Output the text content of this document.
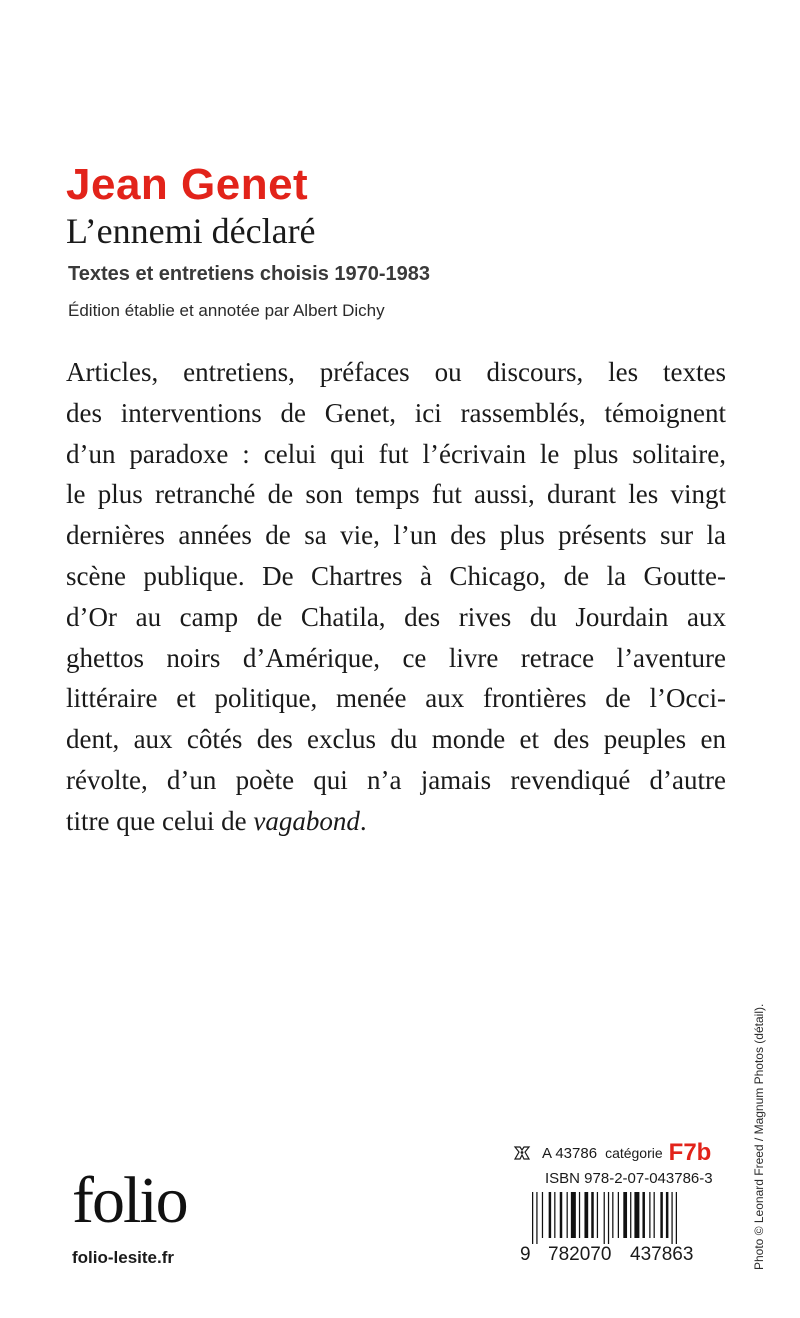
Jean Genet
L’ennemi déclaré
Textes et entretiens choisis 1970-1983
Édition établie et annotée par Albert Dichy
Articles, entretiens, préfaces ou discours, les textes
des interventions de Genet, ici rassemblés, témoignent
d’un paradoxe : celui qui fut l’écrivain le plus solitaire,
le plus retranché de son temps fut aussi, durant les vingt
dernières années de sa vie, l’un des plus présents sur la
scène publique. De Chartres à Chicago, de la Goutte-
d’Or au camp de Chatila, des rives du Jourdain aux
ghettos noirs d’Amérique, ce livre retrace l’aventure
littéraire et politique, menée aux frontières de l’Occi-
dent, aux côtés des exclus du monde et des peuples en
révolte, d’un poète qui n’a jamais revendiqué d’autre
titre que celui de vagabond.
Photo © Leonard Freed / Magnum Photos (détail).
A 43786 catégorie F7b
ISBN 978-2-07-043786-3
9 782070 437863
folio
folio-lesite.fr
